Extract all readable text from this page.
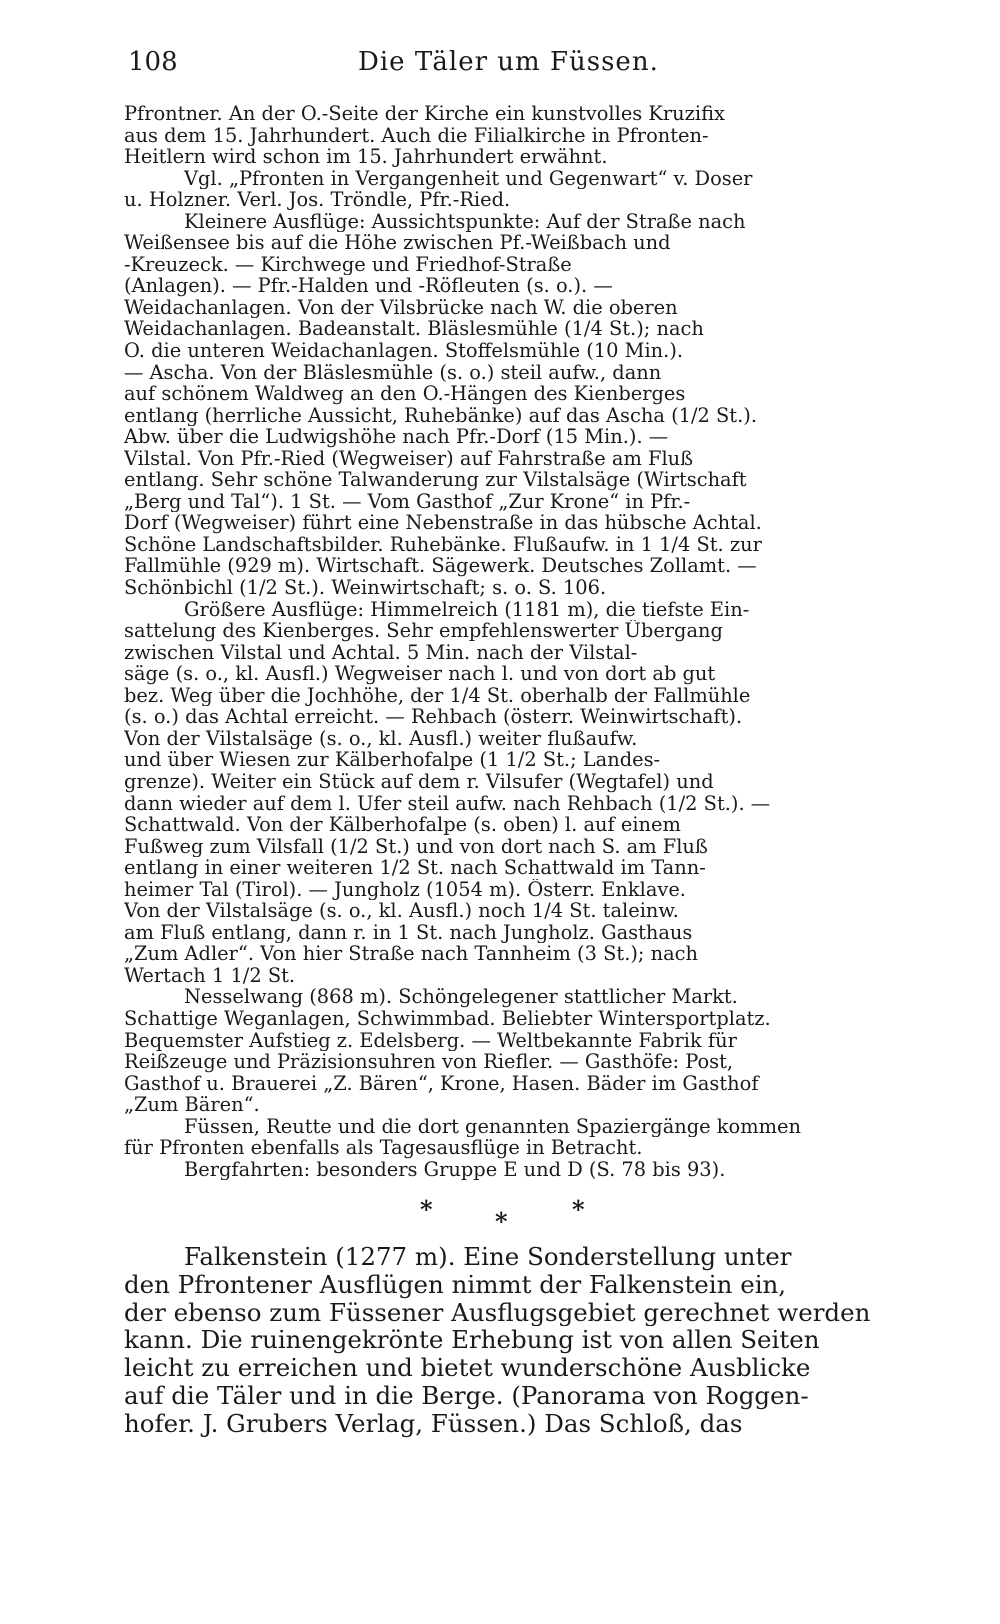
108	Die Täler um Füssen.
Pfrontner. An der O.-Seite der Kirche ein kunstvolles Kruzifix
aus dem 15. Jahrhundert. Auch die Filialkirche in Pfronten-
Heitlern wird schon im 15. Jahrhundert erwähnt.
Vgl. „Pfronten in Vergangenheit und Gegenwart“ v. Doser
u. Holzner. Verl. Jos. Tröndle, Pfr.-Ried.
Kleinere Ausflüge: Aussichtspunkte: Auf der Straße nach
Weißensee bis auf die Höhe zwischen Pf.-Weißbach und
-Kreuzeck. — Kirchwege und Friedhof-Straße
(Anlagen). — Pfr.-Halden und -Röfleuten (s. o.). —
Weidachanlagen. Von der Vilsbrücke nach W. die oberen
Weidachanlagen. Badeanstalt. Bläslesmühle (1/4 St.); nach
O. die unteren Weidachanlagen. Stoffelsmühle (10 Min.).
— Ascha. Von der Bläslesmühle (s. o.) steil aufw., dann
auf schönem Waldweg an den O.-Hängen des Kienberges
entlang (herrliche Aussicht, Ruhebänke) auf das Ascha (1/2 St.).
Abw. über die Ludwigshöhe nach Pfr.-Dorf (15 Min.). —
Vilstal. Von Pfr.-Ried (Wegweiser) auf Fahrstraße am Fluß
entlang. Sehr schöne Talwanderung zur Vilstalsäge (Wirtschaft
„Berg und Tal“). 1 St. — Vom Gasthof „Zur Krone“ in Pfr.-
Dorf (Wegweiser) führt eine Nebenstraße in das hübsche Achtal.
Schöne Landschaftsbilder. Ruhebänke. Flußaufw. in 1 1/4 St. zur
Fallmühle (929 m). Wirtschaft. Sägewerk. Deutsches Zollamt. —
Schönbichl (1/2 St.). Weinwirtschaft; s. o. S. 106.
Größere Ausflüge: Himmelreich (1181 m), die tiefste Ein-
sattelung des Kienberges. Sehr empfehlenswerter Übergang
zwischen Vilstal und Achtal. 5 Min. nach der Vilstal-
säge (s. o., kl. Ausfl.) Wegweiser nach l. und von dort ab gut
bez. Weg über die Jochhöhe, der 1/4 St. oberhalb der Fallmühle
(s. o.) das Achtal erreicht. — Rehbach (österr. Weinwirtschaft).
Von der Vilstalsäge (s. o., kl. Ausfl.) weiter flußaufw.
und über Wiesen zur Kälberhofalpe (1 1/2 St.; Landes-
grenze). Weiter ein Stück auf dem r. Vilsufer (Wegtafel) und
dann wieder auf dem l. Ufer steil aufw. nach Rehbach (1/2 St.). —
Schattwald. Von der Kälberhofalpe (s. oben) l. auf einem
Fußweg zum Vilsfall (1/2 St.) und von dort nach S. am Fluß
entlang in einer weiteren 1/2 St. nach Schattwald im Tann-
heimer Tal (Tirol). — Jungholz (1054 m). Österr. Enklave.
Von der Vilstalsäge (s. o., kl. Ausfl.) noch 1/4 St. taleinw.
am Fluß entlang, dann r. in 1 St. nach Jungholz. Gasthaus
„Zum Adler“. Von hier Straße nach Tannheim (3 St.); nach
Wertach 1 1/2 St.
Nesselwang (868 m). Schöngelegener stattlicher Markt.
Schattige Weganlagen, Schwimmbad. Beliebter Wintersportplatz.
Bequemster Aufstieg z. Edelsberg. — Weltbekannte Fabrik für
Reißzeuge und Präzisionsuhren von Riefler. — Gasthöfe: Post,
Gasthof u. Brauerei „Z. Bären“, Krone, Hasen. Bäder im Gasthof
„Zum Bären“.
Füssen, Reutte und die dort genannten Spaziergänge kommen
für Pfronten ebenfalls als Tagesausflüge in Betracht.
Bergfahrten: besonders Gruppe E und D (S. 78 bis 93).
*	*	*
Falkenstein (1277 m). Eine Sonderstellung unter
den Pfrontener Ausflügen nimmt der Falkenstein ein,
der ebenso zum Füssener Ausflugsgebiet gerechnet werden
kann. Die ruinengekrönte Erhebung ist von allen Seiten
leicht zu erreichen und bietet wunderschöne Ausblicke
auf die Täler und in die Berge. (Panorama von Roggen-
hofer. J. Grubers Verlag, Füssen.) Das Schloß, das
